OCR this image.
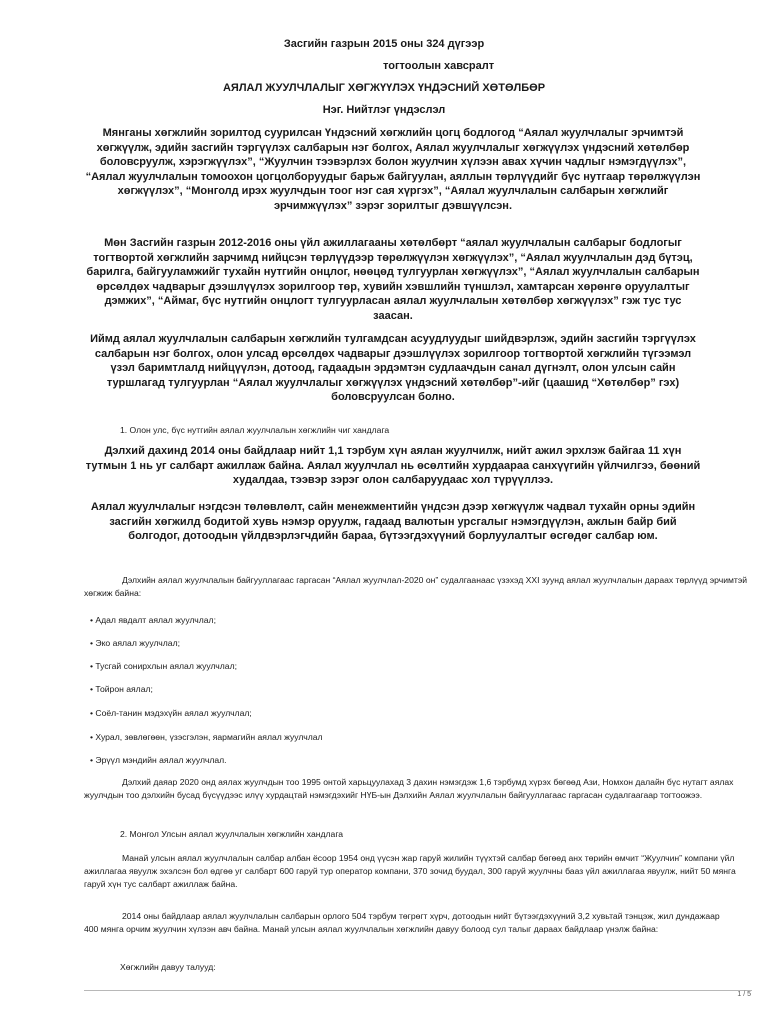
Засгийн газрын 2015 оны 324 дүгээр

тогтоолын хавсралт

АЯЛАЛ ЖУУЛЧЛАЛЫГ ХӨГЖҮҮЛЭХ ҮНДЭСНИЙ ХӨТӨЛБӨР

Нэг. Нийтлэг үндэслэл

Мянганы хөгжлийн зорилтод суурилсан Үндэсний хөгжлийн цогц бодлогод “Аялал жуулчлалыг эрчимтэй хөгжүүлж, эдийн засгийн тэргүүлэх салбарын нэг болгох, Аялал жуулчлалыг хөгжүүлэх үндэсний хөтөлбөр боловсруулж, хэрэгжүүлэх”, “Жуулчин тээвэрлэх болон жуулчин хүлээн авах хүчин чадлыг нэмэгдүүлэх”, “Аялал жуулчлалын томоохон цогцолборуудыг барьж байгуулан, аяллын төрлүүдийг бүс нутгаар төрөлжүүлэн хөгжүүлэх”, “Монголд ирэх жуулчдын тоог нэг сая хүргэх”, “Аялал жуулчлалын салбарын хөгжлийг эрчимжүүлэх” зэрэг зорилтыг дэвшүүлсэн.

Мөн Засгийн газрын 2012-2016 оны үйл ажиллагааны хөтөлбөрт “аялал жуулчлалын салбарыг бодлогыг тогтвортой хөгжлийн зарчимд нийцсэн төрлүүдээр төрөлжүүлэн хөгжүүлэх”, “Аялал жуулчлалын дэд бүтэц, барилга, байгууламжийг тухайн нутгийн онцлог, нөөцөд тулгуурлан хөгжүүлэх”, “Аялал жуулчлалын салбарын өрсөлдөх чадварыг дээшлүүлэх зорилгоор төр, хувийн хэвшлийн түншлэл, хамтарсан хөрөнгө оруулалтыг дэмжих”, “Аймаг, бүс нутгийн онцлогт тулгуурласан аялал жуулчлалын хөтөлбөр хөгжүүлэх” гэж тус тус заасан.

Иймд аялал жуулчлалын салбарын хөгжлийн тулгамдсан асуудлуудыг шийдвэрлэж, эдийн засгийн тэргүүлэх салбарын нэг болгох, олон улсад өрсөлдөх чадварыг дээшлүүлэх зорилгоор тогтвортой хөгжлийн түгээмэл үзэл баримтлалд нийцүүлэн, дотоод, гадаадын эрдэмтэн судлаачдын санал дүгнэлт, олон улсын сайн туршлагад тулгуурлан “Аялал жуулчлалыг хөгжүүлэх үндэсний хөтөлбөр”-ийг (цаашид “Хөтөлбөр” гэх) боловсруулсан болно.

1. Олон улс, бүс нутгийн аялал жуулчлалын хөгжлийн чиг хандлага

Дэлхий дахинд 2014 оны байдлаар нийт 1,1 тэрбум хүн аялан жуулчилж, нийт ажил эрхлэж байгаа 11 хүн тутмын 1 нь уг салбарт ажиллаж байна. Аялал жуулчлал нь өсөлтийн хурдаараа санхүүгийн үйлчилгээ, бөөний худалдаа, тээвэр зэрэг олон салбаруудаас хол түрүүллээ.

Аялал жуулчлалыг нэгдсэн төлөвлөлт, сайн менежментийн үндсэн дээр хөгжүүлж чадвал тухайн орны эдийн засгийн хөгжилд бодитой хувь нэмэр оруулж, гадаад валютын урсгалыг нэмэгдүүлэн, ажлын байр бий болгодог, дотоодын үйлдвэрлэгчдийн бараа, бүтээгдэхүүний борлуулалтыг өсгөдөг салбар юм.

Дэлхийн аялал жуулчлалын байгууллагаас гаргасан “Аялал жуулчлал-2020 он” судалгаанаас үзэхэд XXI зуунд аялал жуулчлалын дараах төрлүүд эрчимтэй хөгжиж байна:

• Адал явдалт аялал жуулчлал;

• Эко аялал жуулчлал;

• Тусгай сонирхлын аялал жуулчлал;

• Тойрон аялал;

• Соёл-танин мэдэхүйн аялал жуулчлал;

• Хурал, зөвлөгөөн, үзэсгэлэн, яармагийн аялал жуулчлал

• Эрүүл мэндийн аялал жуулчлал.

Дэлхий даяар 2020 онд аялах жуулчдын тоо 1995 онтой харьцуулахад 3 дахин нэмэгдэж 1,6 тэрбумд хүрэх бөгөөд Ази, Номхон далайн бүс нутагт аялах жуулчдын тоо дэлхийн бусад бүсүүдээс илүү хурдацтай нэмэгдэхийг НҮБ-ын Дэлхийн Аялал жуулчлалын байгууллагаас гаргасан судалгаагаар тогтоожээ.

2. Монгол Улсын аялал жуулчлалын хөгжлийн хандлага

Манай улсын аялал жуулчлалын салбар албан ёсоор 1954 онд үүсэн жар гаруй жилийн түүхтэй салбар бөгөөд анх төрийн өмчит “Жуулчин” компани үйл ажиллагаа явуулж эхэлсэн бол өдгөө уг салбарт 600 гаруй тур оператор компани, 370 зочид буудал, 300 гаруй жуулчны бааз үйл ажиллагаа явуулж, нийт 50 мянга гаруй хүн тус салбарт ажиллаж байна.

2014 оны байдлаар аялал жуулчлалын салбарын орлого 504 тэрбум төгрөгт хүрч, дотоодын нийт бүтээгдэхүүний 3,2 хувьтай тэнцэж, жил дундажаар400 мянга орчим жуулчин хүлээн авч байна. Манай улсын аялал жуулчлалын хөгжлийн давуу болоод сул талыг дараах байдлаар үнэлж байна:

Хөгжлийн давуу талууд:

1 / 5
